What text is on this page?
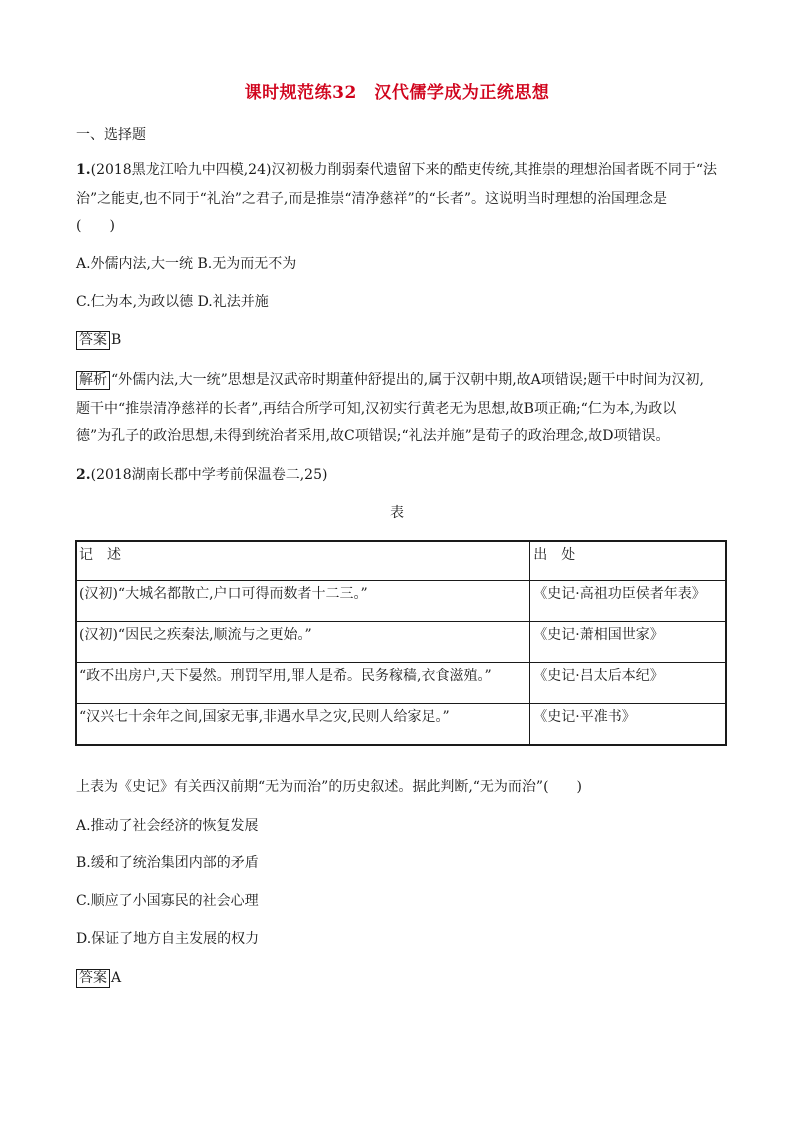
课时规范练32　汉代儒学成为正统思想
一、选择题
1.(2018黑龙江哈九中四模,24)汉初极力削弱秦代遗留下来的酷吏传统,其推崇的理想治国者既不同于“法
治”之能吏,也不同于“礼治”之君子,而是推崇“清净慈祥”的“长者”。这说明当时理想的治国理念是
(　　)
A.外儒内法,大一统 B.无为而无不为
C.仁为本,为政以德 D.礼法并施
答案 B
解析 “外儒内法,大一统”思想是汉武帝时期董仲舒提出的,属于汉朝中期,故A项错误;题干中时间为汉初,
题干中“推崇清净慈祥的长者”,再结合所学可知,汉初实行黄老无为思想,故B项正确;“仁为本,为政以
德”为孔子的政治思想,未得到统治者采用,故C项错误;“礼法并施”是荀子的政治理念,故D项错误。
2.(2018湖南长郡中学考前保温卷二,25)
表
记　述	出　处
(汉初)“大城名都散亡,户口可得而数者十二三。”	《史记·高祖功臣侯者年表》
(汉初)“因民之疾秦法,顺流与之更始。”	《史记·萧相国世家》
“政不出房户,天下晏然。刑罚罕用,罪人是希。民务稼穑,衣食滋殖。”	《史记·吕太后本纪》
“汉兴七十余年之间,国家无事,非遇水旱之灾,民则人给家足。”	《史记·平准书》
上表为《史记》有关西汉前期“无为而治”的历史叙述。据此判断,“无为而治”(　　)
A.推动了社会经济的恢复发展
B.缓和了统治集团内部的矛盾
C.顺应了小国寡民的社会心理
D.保证了地方自主发展的权力
答案 A
